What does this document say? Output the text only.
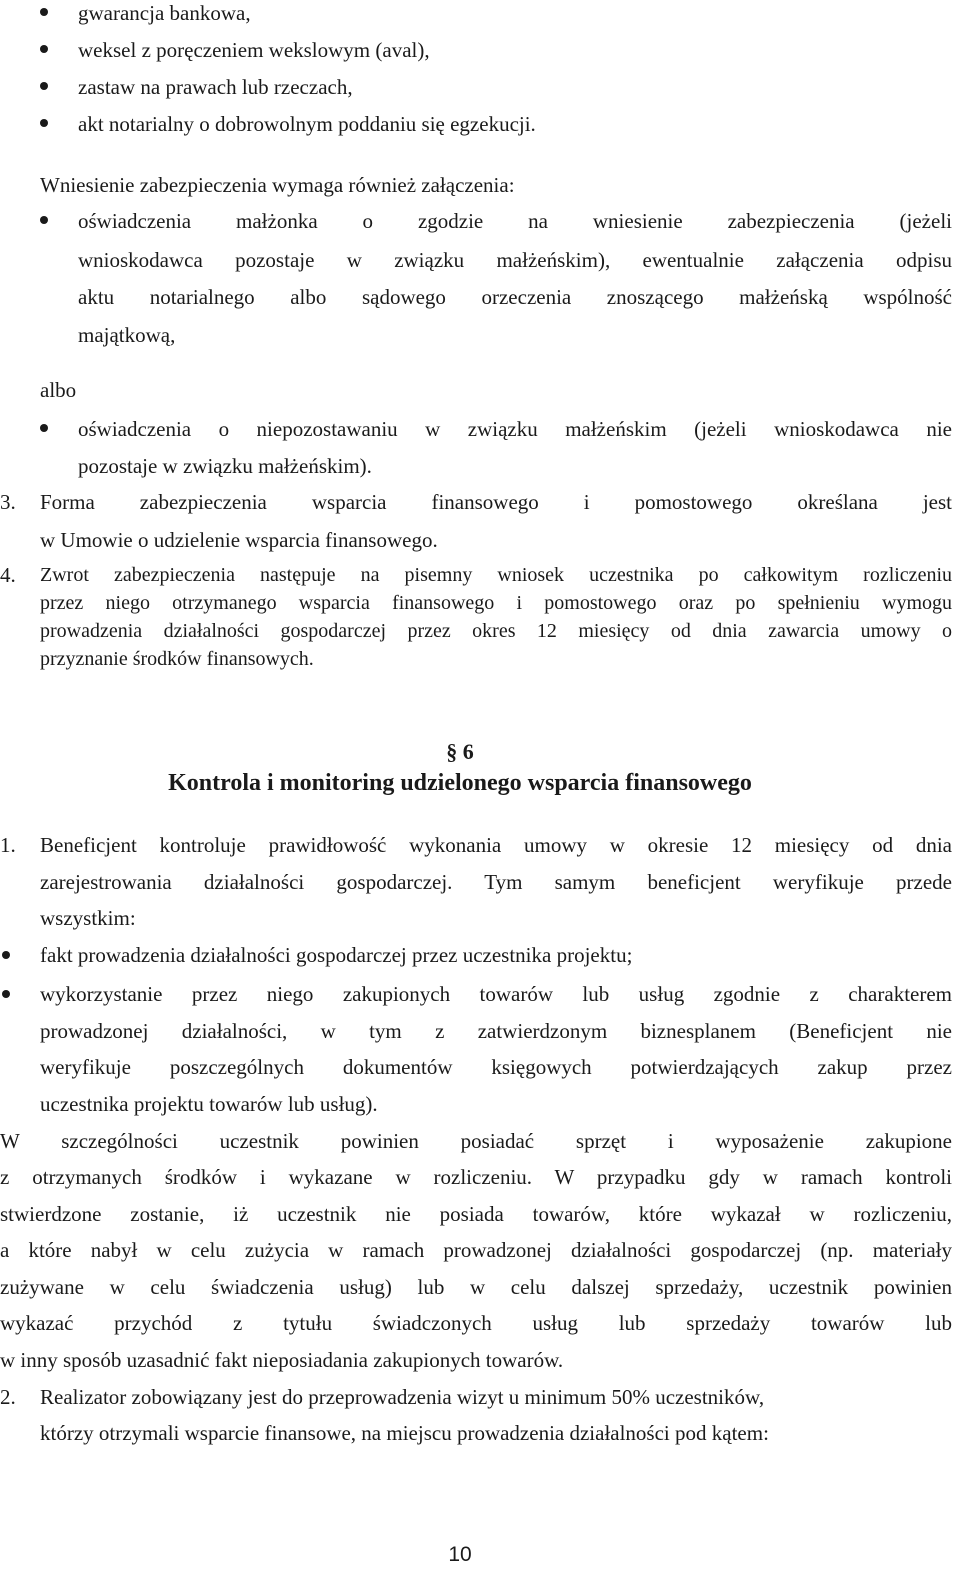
gwarancja bankowa,
weksel z poręczeniem wekslowym (aval),
zastaw na prawach lub rzeczach,
akt notarialny o dobrowolnym poddaniu się egzekucji.
Wniesienie zabezpieczenia wymaga również załączenia:
oświadczenia małżonka o zgodzie na wniesienie zabezpieczenia (jeżeli
wnioskodawca pozostaje w związku małżeńskim), ewentualnie załączenia odpisu
aktu notarialnego albo sądowego orzeczenia znoszącego małżeńską wspólność
majątkową,
albo
oświadczenia o niepozostawaniu w związku małżeńskim (jeżeli wnioskodawca nie
pozostaje w związku małżeńskim).
3. Forma zabezpieczenia wsparcia finansowego i pomostowego określana jest
w Umowie o udzielenie wsparcia finansowego.
4. Zwrot zabezpieczenia następuje na pisemny wniosek uczestnika po całkowitym rozliczeniu
przez niego otrzymanego wsparcia finansowego i pomostowego oraz po spełnieniu wymogu
prowadzenia działalności gospodarczej przez okres 12 miesięcy od dnia zawarcia umowy o
przyznanie środków finansowych.
§ 6
Kontrola i monitoring udzielonego wsparcia finansowego
1. Beneficjent kontroluje prawidłowość wykonania umowy w okresie 12 miesięcy od dnia
zarejestrowania działalności gospodarczej. Tym samym beneficjent weryfikuje przede
wszystkim:
fakt prowadzenia działalności gospodarczej przez uczestnika projektu;
wykorzystanie przez niego zakupionych towarów lub usług zgodnie z charakterem
prowadzonej działalności, w tym z zatwierdzonym biznesplanem (Beneficjent nie
weryfikuje poszczególnych dokumentów księgowych potwierdzających zakup przez
uczestnika projektu towarów lub usług).
W szczególności uczestnik powinien posiadać sprzęt i wyposażenie zakupione
z otrzymanych środków i wykazane w rozliczeniu. W przypadku gdy w ramach kontroli
stwierdzone zostanie, iż uczestnik nie posiada towarów, które wykazał w rozliczeniu,
a które nabył w celu zużycia w ramach prowadzonej działalności gospodarczej (np. materiały
zużywane w celu świadczenia usług) lub w celu dalszej sprzedaży, uczestnik powinien
wykazać przychód z tytułu świadczonych usług lub sprzedaży towarów lub
w inny sposób uzasadnić fakt nieposiadania zakupionych towarów.
2. Realizator zobowiązany jest do przeprowadzenia wizyt u minimum 50% uczestników,
którzy otrzymali wsparcie finansowe, na miejscu prowadzenia działalności pod kątem:
10
